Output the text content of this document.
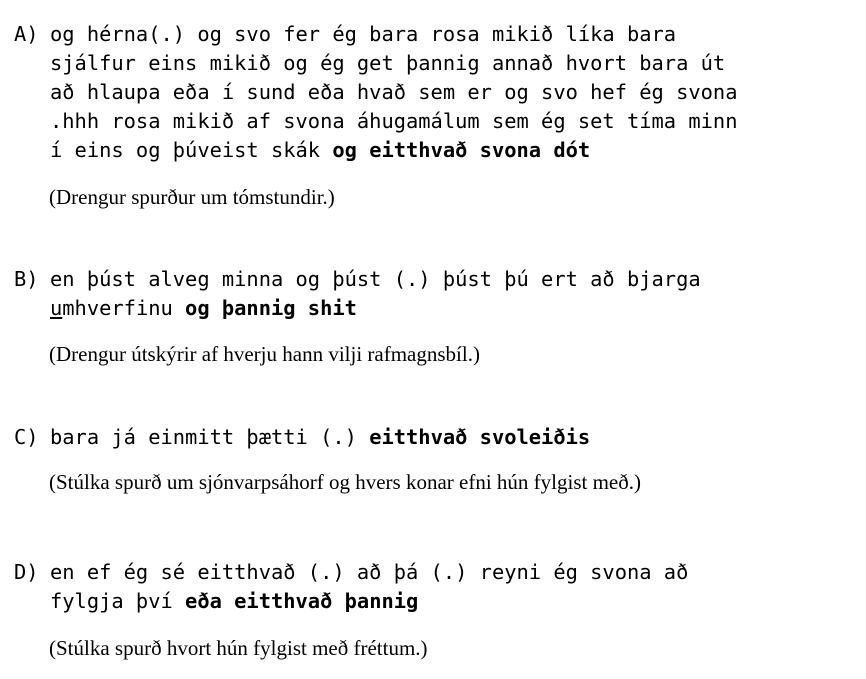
A) og hérna(.) og svo fer ég bara rosa mikið líka bara
sjálfur eins mikið og ég get þannig annað hvort bara út
að hlaupa eða í sund eða hvað sem er og svo hef ég svona
.hhh rosa mikið af svona áhugamálum sem ég set tíma minn
í eins og þúveist skák og eitthvað svona dót
(Drengur spurður um tómstundir.)
B) en þúst alveg minna og þúst (.) þúst þú ert að bjarga
umhverfinu og þannig shit
(Drengur útskýrir af hverju hann vilji rafmagnsbíl.)
C) bara já einmitt þætti (.) eitthvað svoleiðis
(Stúlka spurð um sjónvarpsáhorf og hvers konar efni hún fylgist með.)
D) en ef ég sé eitthvað (.) að þá (.) reyni ég svona að
fylgja því eða eitthvað þannig
(Stúlka spurð hvort hún fylgist með fréttum.)
